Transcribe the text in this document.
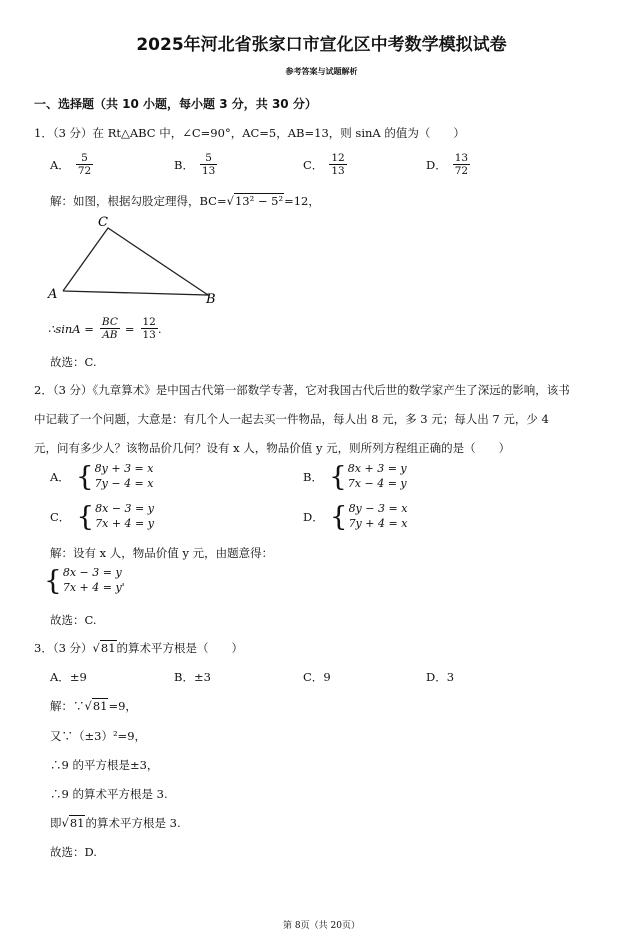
2025年河北省张家口市宣化区中考数学模拟试卷
参考答案与试题解析
一、选择题（共 10 小题，每小题 3 分，共 30 分）
1．（3 分）在 Rt△ABC 中，∠C=90°，AC=5，AB=13，则 sinA 的值为（　　）
A． $\frac{5}{72}$	B． $\frac{5}{13}$	C． $\frac{12}{13}$	D． $\frac{13}{72}$
解：如图，根据勾股定理得，BC=√13² − 5²=12，
C
A	B
∴sinA = $\frac{BC}{AB} = \frac{12}{13}$ .
故选：C.
2．（3 分）《九章算术》是中国古代第一部数学专著，它对我国古代后世的数学家产生了深远的影响，该书
中记载了一个问题，大意是：有几个人一起去买一件物品，每人出 8 元，多 3 元；每人出 7 元，少 4
元，问有多少人？该物品价几何？设有 x 人，物品价值 y 元，则所列方程组正确的是（　　）
A． { 8y + 3 = x
7y − 4 = x	B． { 8x + 3 = y
7x − 4 = y
C． { 8x − 3 = y
7x + 4 = y	D． { 8y − 3 = x
7y + 4 = x
解：设有 x 人，物品价值 y 元，由题意得：
{ 8x − 3 = y
7x + 4 = y'
故选：C.
3．（3 分）√81的算术平方根是（　　）
A．±9	B．±3	C．9	D．3
解：∵√81=9，
又∵（±3）²=9，
∴9 的平方根是±3，
∴9 的算术平方根是 3.
即√81的算术平方根是 3.
故选：D.
第 8页（共 20页）
